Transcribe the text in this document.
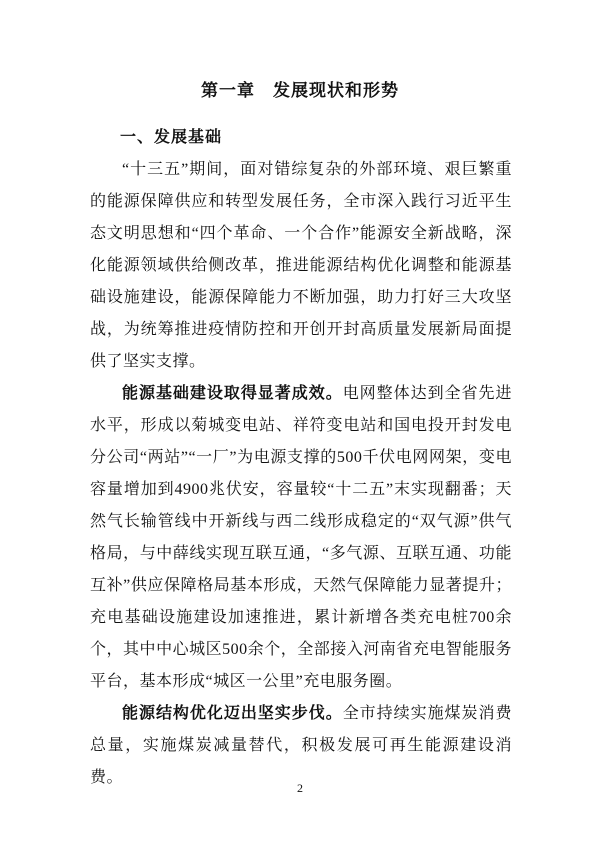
第一章　发展现状和形势
一、发展基础

“十三五”期间，面对错综复杂的外部环境、艰巨繁重的能源保障供应和转型发展任务，全市深入践行习近平生态文明思想和“四个革命、一个合作”能源安全新战略，深化能源领域供给侧改革，推进能源结构优化调整和能源基础设施建设，能源保障能力不断加强，助力打好三大攻坚战，为统筹推进疫情防控和开创开封高质量发展新局面提供了坚实支撑。

能源基础建设取得显著成效。电网整体达到全省先进水平，形成以菊城变电站、祥符变电站和国电投开封发电分公司“两站”“一厂”为电源支撑的500千伏电网网架，变电容量增加到4900兆伏安，容量较“十二五”末实现翻番；天然气长输管线中开新线与西二线形成稳定的“双气源”供气格局，与中薛线实现互联互通，“多气源、互联互通、功能互补”供应保障格局基本形成，天然气保障能力显著提升；充电基础设施建设加速推进，累计新增各类充电桩700余个，其中中心城区500余个，全部接入河南省充电智能服务平台，基本形成“城区一公里”充电服务圈。

能源结构优化迈出坚实步伐。全市持续实施煤炭消费总量，实施煤炭减量替代，积极发展可再生能源建设消费。

2
